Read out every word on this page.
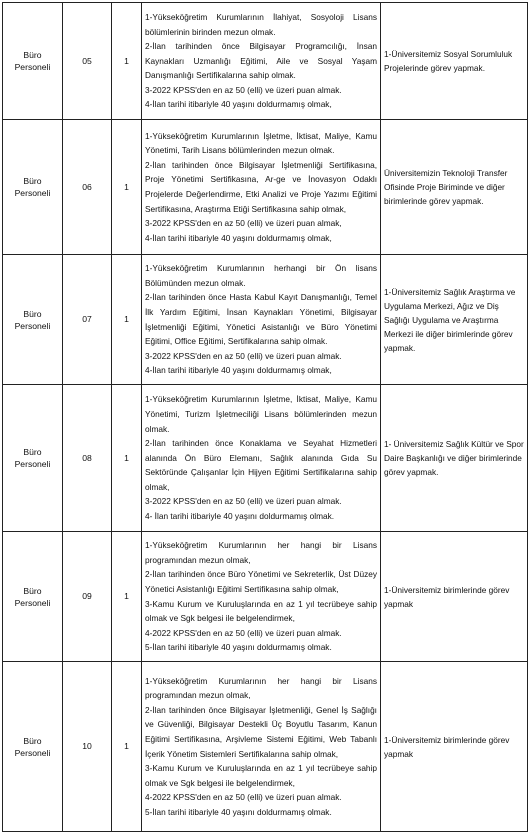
Büro
Personeli	05	1	1-Yükseköğretim Kurumlarının İlahiyat, Sosyoloji Lisans bölümlerinin birinden mezun olmak.
2-İlan tarihinden önce Bilgisayar Programcılığı, İnsan Kaynakları Uzmanlığı Eğitimi, Aile ve Sosyal Yaşam Danışmanlığı Sertifikalarına sahip olmak.
3-2022 KPSS'den en az 50 (elli) ve üzeri puan almak.
4-İlan tarihi itibariyle 40 yaşını doldurmamış olmak,	1-Üniversitemiz Sosyal Sorumluluk Projelerinde görev yapmak.

Büro
Personeli	06	1	1-Yükseköğretim Kurumlarının İşletme, İktisat, Maliye, Kamu Yönetimi, Tarih Lisans bölümlerinden mezun olmak.
2-İlan tarihinden önce Bilgisayar İşletmenliği Sertifikasına, Proje Yönetimi Sertifikasına, Ar-ge ve İnovasyon Odaklı Projelerde Değerlendirme, Etki Analizi ve Proje Yazımı Eğitimi Sertifikasına, Araştırma Etiği Sertifikasına sahip olmak,
3-2022 KPSS'den en az 50 (elli) ve üzeri puan almak,
4-İlan tarihi itibariyle 40 yaşını doldurmamış olmak,	Üniversitemizin Teknoloji Transfer Ofisinde Proje Biriminde ve diğer birimlerinde görev yapmak.

Büro
Personeli	07	1	1-Yükseköğretim Kurumlarının herhangi bir Ön lisans Bölümünden mezun olmak.
2-İlan tarihinden önce Hasta Kabul Kayıt Danışmanlığı, Temel İlk Yardım Eğitimi, İnsan Kaynakları Yönetimi, Bilgisayar İşletmenliği Eğitimi, Yönetici Asistanlığı ve Büro Yönetimi Eğitimi, Office Eğitimi, Sertifikalarına sahip olmak.
3-2022 KPSS'den en az 50 (elli) ve üzeri puan almak.
4-İlan tarihi itibariyle 40 yaşını doldurmamış olmak,	1-Üniversitemiz Sağlık Araştırma ve Uygulama Merkezi, Ağız ve Diş Sağlığı Uygulama ve Araştırma Merkezi ile diğer birimlerinde görev yapmak.

Büro
Personeli	08	1	1-Yükseköğretim Kurumlarının İşletme, İktisat, Maliye, Kamu Yönetimi, Turizm İşletmeciliği Lisans bölümlerinden mezun olmak.
2-İlan tarihinden önce Konaklama ve Seyahat Hizmetleri alanında Ön Büro Elemanı, Sağlık alanında Gıda Su Sektöründe Çalışanlar İçin Hijyen Eğitimi Sertifikalarına sahip olmak,
3-2022 KPSS'den en az 50 (elli) ve üzeri puan almak.
4- İlan tarihi itibariyle 40 yaşını doldurmamış olmak.	1- Üniversitemiz Sağlık Kültür ve Spor Daire Başkanlığı ve diğer birimlerinde görev yapmak.

Büro
Personeli	09	1	1-Yükseköğretim Kurumlarının her hangi bir Lisans programından mezun olmak,
2-İlan tarihinden önce Büro Yönetimi ve Sekreterlik, Üst Düzey Yönetici Asistanlığı Eğitimi Sertifikasına sahip olmak,
3-Kamu Kurum ve Kuruluşlarında en az 1 yıl tecrübeye sahip olmak ve Sgk belgesi ile belgelendirmek,
4-2022 KPSS'den en az 50 (elli) ve üzeri puan almak.
5-İlan tarihi itibariyle 40 yaşını doldurmamış olmak.	1-Üniversitemiz birimlerinde görev yapmak

Büro
Personeli	10	1	1-Yükseköğretim Kurumlarının her hangi bir Lisans programından mezun olmak,
2-İlan tarihinden önce Bilgisayar İşletmenliği, Genel İş Sağlığı ve Güvenliği, Bilgisayar Destekli Üç Boyutlu Tasarım, Kanun Eğitimi Sertifikasına, Arşivleme Sistemi Eğitimi, Web Tabanlı İçerik Yönetim Sistemleri Sertifikalarına sahip olmak,
3-Kamu Kurum ve Kuruluşlarında en az 1 yıl tecrübeye sahip olmak ve Sgk belgesi ile belgelendirmek,
4-2022 KPSS'den en az 50 (elli) ve üzeri puan almak.
5-İlan tarihi itibariyle 40 yaşını doldurmamış olmak.	1-Üniversitemiz birimlerinde görev yapmak
